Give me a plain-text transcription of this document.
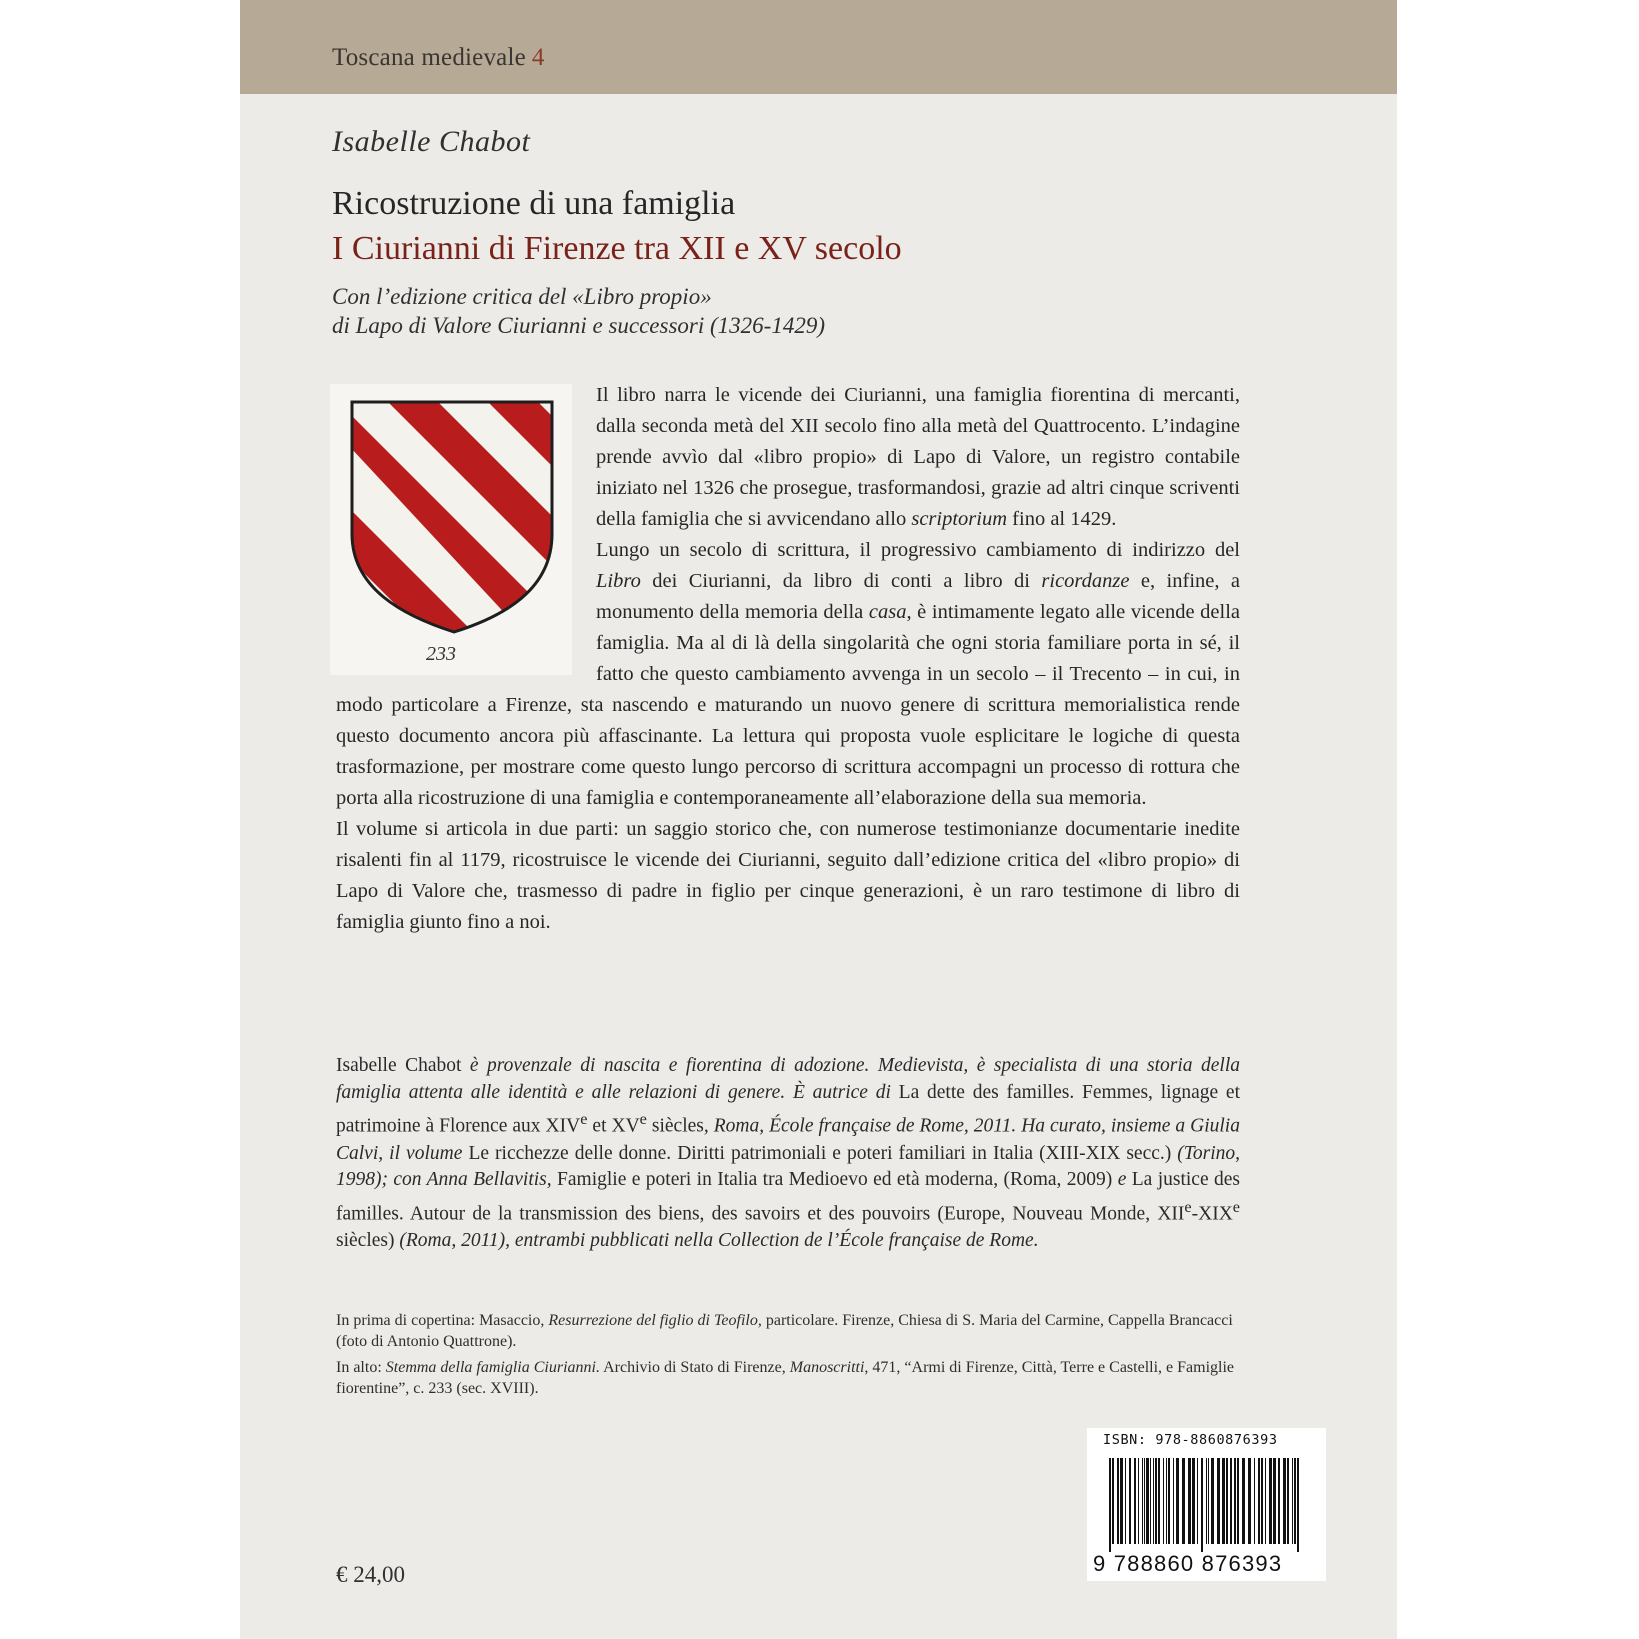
Toscana medievale 4
Isabelle Chabot
Ricostruzione di una famiglia
I Ciurianni di Firenze tra XII e XV secolo
Con l’edizione critica del «Libro propio»
di Lapo di Valore Ciurianni e successori (1326-1429)
233

Il libro narra le vicende dei Ciurianni, una famiglia fiorentina di mercanti, dalla seconda metà del XII secolo fino alla metà del Quattrocento. L’indagine prende avvìo dal «libro propio» di Lapo di Valore, un registro contabile iniziato nel 1326 che prosegue, trasformandosi, grazie ad altri cinque scriventi della famiglia che si avvicendano allo scriptorium fino al 1429.

Lungo un secolo di scrittura, il progressivo cambiamento di indirizzo del Libro dei Ciurianni, da libro di conti a libro di ricordanze e, infine, a monumento della memoria della casa, è intimamente legato alle vicende della famiglia. Ma al di là della singolarità che ogni storia familiare porta in sé, il fatto che questo cambiamento avvenga in un secolo – il Trecento – in cui, in modo particolare a Firenze, sta nascendo e maturando un nuovo genere di scrittura memorialistica rende questo documento ancora più affascinante. La lettura qui proposta vuole esplicitare le logiche di questa trasformazione, per mostrare come questo lungo percorso di scrittura accompagni un processo di rottura che porta alla ricostruzione di una famiglia e contemporaneamente all’elaborazione della sua memoria.

Il volume si articola in due parti: un saggio storico che, con numerose testimonianze documentarie inedite risalenti fin al 1179, ricostruisce le vicende dei Ciurianni, seguito dall’edizione critica del «libro propio» di Lapo di Valore che, trasmesso di padre in figlio per cinque generazioni, è un raro testimone di libro di famiglia giunto fino a noi.

Isabelle Chabot è provenzale di nascita e fiorentina di adozione. Medievista, è specialista di una storia della famiglia attenta alle identità e alle relazioni di genere. È autrice di La dette des familles. Femmes, lignage et patrimoine à Florence aux XIVe et XVe siècles, Roma, École française de Rome, 2011. Ha curato, insieme a Giulia Calvi, il volume Le ricchezze delle donne. Diritti patrimoniali e poteri familiari in Italia (XIII-XIX secc.) (Torino, 1998); con Anna Bellavitis, Famiglie e poteri in Italia tra Medioevo ed età moderna, (Roma, 2009) e La justice des familles. Autour de la transmission des biens, des savoirs et des pouvoirs (Europe, Nouveau Monde, XIIe-XIXe siècles) (Roma, 2011), entrambi pubblicati nella Collection de l’École française de Rome.

In prima di copertina: Masaccio, Resurrezione del figlio di Teofilo, particolare. Firenze, Chiesa di S. Maria del Carmine, Cappella Brancacci (foto di Antonio Quattrone).

In alto: Stemma della famiglia Ciurianni. Archivio di Stato di Firenze, Manoscritti, 471, “Armi di Firenze, Città, Terre e Castelli, e Famiglie fiorentine”, c. 233 (sec. XVIII).

€ 24,00
ISBN: 978-8860876393
9 788860 876393
